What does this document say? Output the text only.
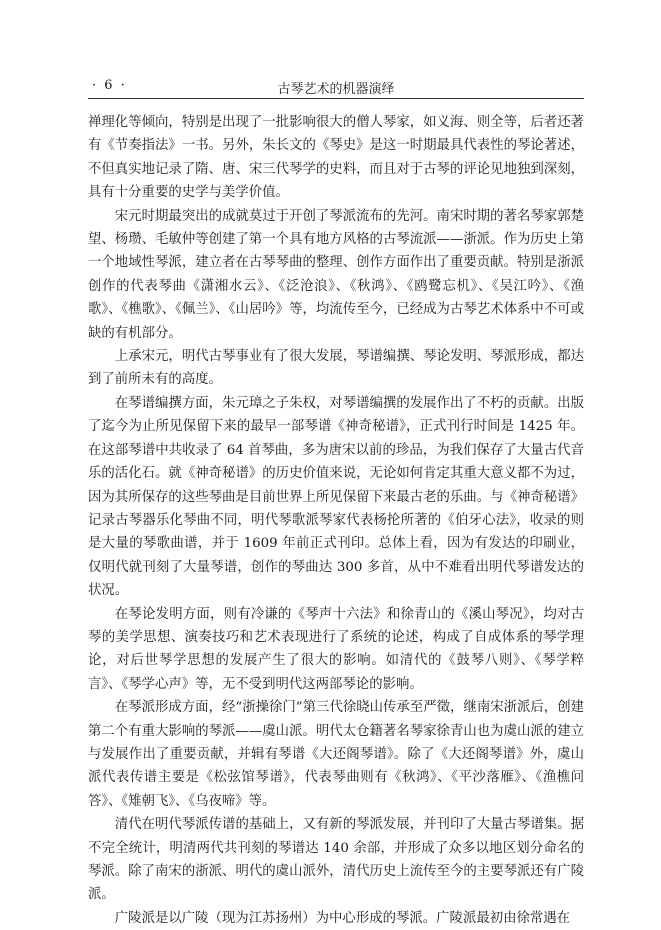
· 6 ·	古琴艺术的机器演绎

禅理化等倾向，特别是出现了一批影响很大的僧人琴家，如义海、则全等，后者还著有《节奏指法》一书。另外，朱长文的《琴史》是这一时期最具代表性的琴论著述，不但真实地记录了隋、唐、宋三代琴学的史料，而且对于古琴的评论见地独到深刻，具有十分重要的史学与美学价值。

宋元时期最突出的成就莫过于开创了琴派流布的先河。南宋时期的著名琴家郭楚望、杨瓒、毛敏仲等创建了第一个具有地方风格的古琴流派——浙派。作为历史上第一个地域性琴派，建立者在古琴琴曲的整理、创作方面作出了重要贡献。特别是浙派创作的代表琴曲《潇湘水云》、《泛沧浪》、《秋鸿》、《鸥鹭忘机》、《吴江吟》、《渔歌》、《樵歌》、《佩兰》、《山居吟》等，均流传至今，已经成为古琴艺术体系中不可或缺的有机部分。

上承宋元，明代古琴事业有了很大发展，琴谱编撰、琴论发明、琴派形成，都达到了前所未有的高度。

在琴谱编撰方面，朱元璋之子朱权，对琴谱编撰的发展作出了不朽的贡献。出版了迄今为止所见保留下来的最早一部琴谱《神奇秘谱》，正式刊行时间是 1425 年。在这部琴谱中共收录了 64 首琴曲，多为唐宋以前的珍品，为我们保存了大量古代音乐的活化石。就《神奇秘谱》的历史价值来说，无论如何肯定其重大意义都不为过，因为其所保存的这些琴曲是目前世界上所见保留下来最古老的乐曲。与《神奇秘谱》记录古琴器乐化琴曲不同，明代琴歌派琴家代表杨抡所著的《伯牙心法》，收录的则是大量的琴歌曲谱，并于 1609 年前正式刊印。总体上看，因为有发达的印刷业，仅明代就刊刻了大量琴谱，创作的琴曲达 300 多首，从中不难看出明代琴谱发达的状况。

在琴论发明方面，则有冷谦的《琴声十六法》和徐青山的《溪山琴况》，均对古琴的美学思想、演奏技巧和艺术表现进行了系统的论述，构成了自成体系的琴学理论，对后世琴学思想的发展产生了很大的影响。如清代的《鼓琴八则》、《琴学粹言》、《琴学心声》等，无不受到明代这两部琴论的影响。

在琴派形成方面，经“浙操徐门”第三代徐晓山传承至严徵，继南宋浙派后，创建第二个有重大影响的琴派——虞山派。明代太仓籍著名琴家徐青山也为虞山派的建立与发展作出了重要贡献，并辑有琴谱《大还阁琴谱》。除了《大还阁琴谱》外，虞山派代表传谱主要是《松弦馆琴谱》，代表琴曲则有《秋鸿》、《平沙落雁》、《渔樵问答》、《雉朝飞》、《乌夜啼》等。

清代在明代琴派传谱的基础上，又有新的琴派发展，并刊印了大量古琴谱集。据不完全统计，明清两代共刊刻的琴谱达 140 余部，并形成了众多以地区划分命名的琴派。除了南宋的浙派、明代的虞山派外，清代历史上流传至今的主要琴派还有广陵派。

广陵派是以广陵（现为江苏扬州）为中心形成的琴派。广陵派最初由徐常遇在
